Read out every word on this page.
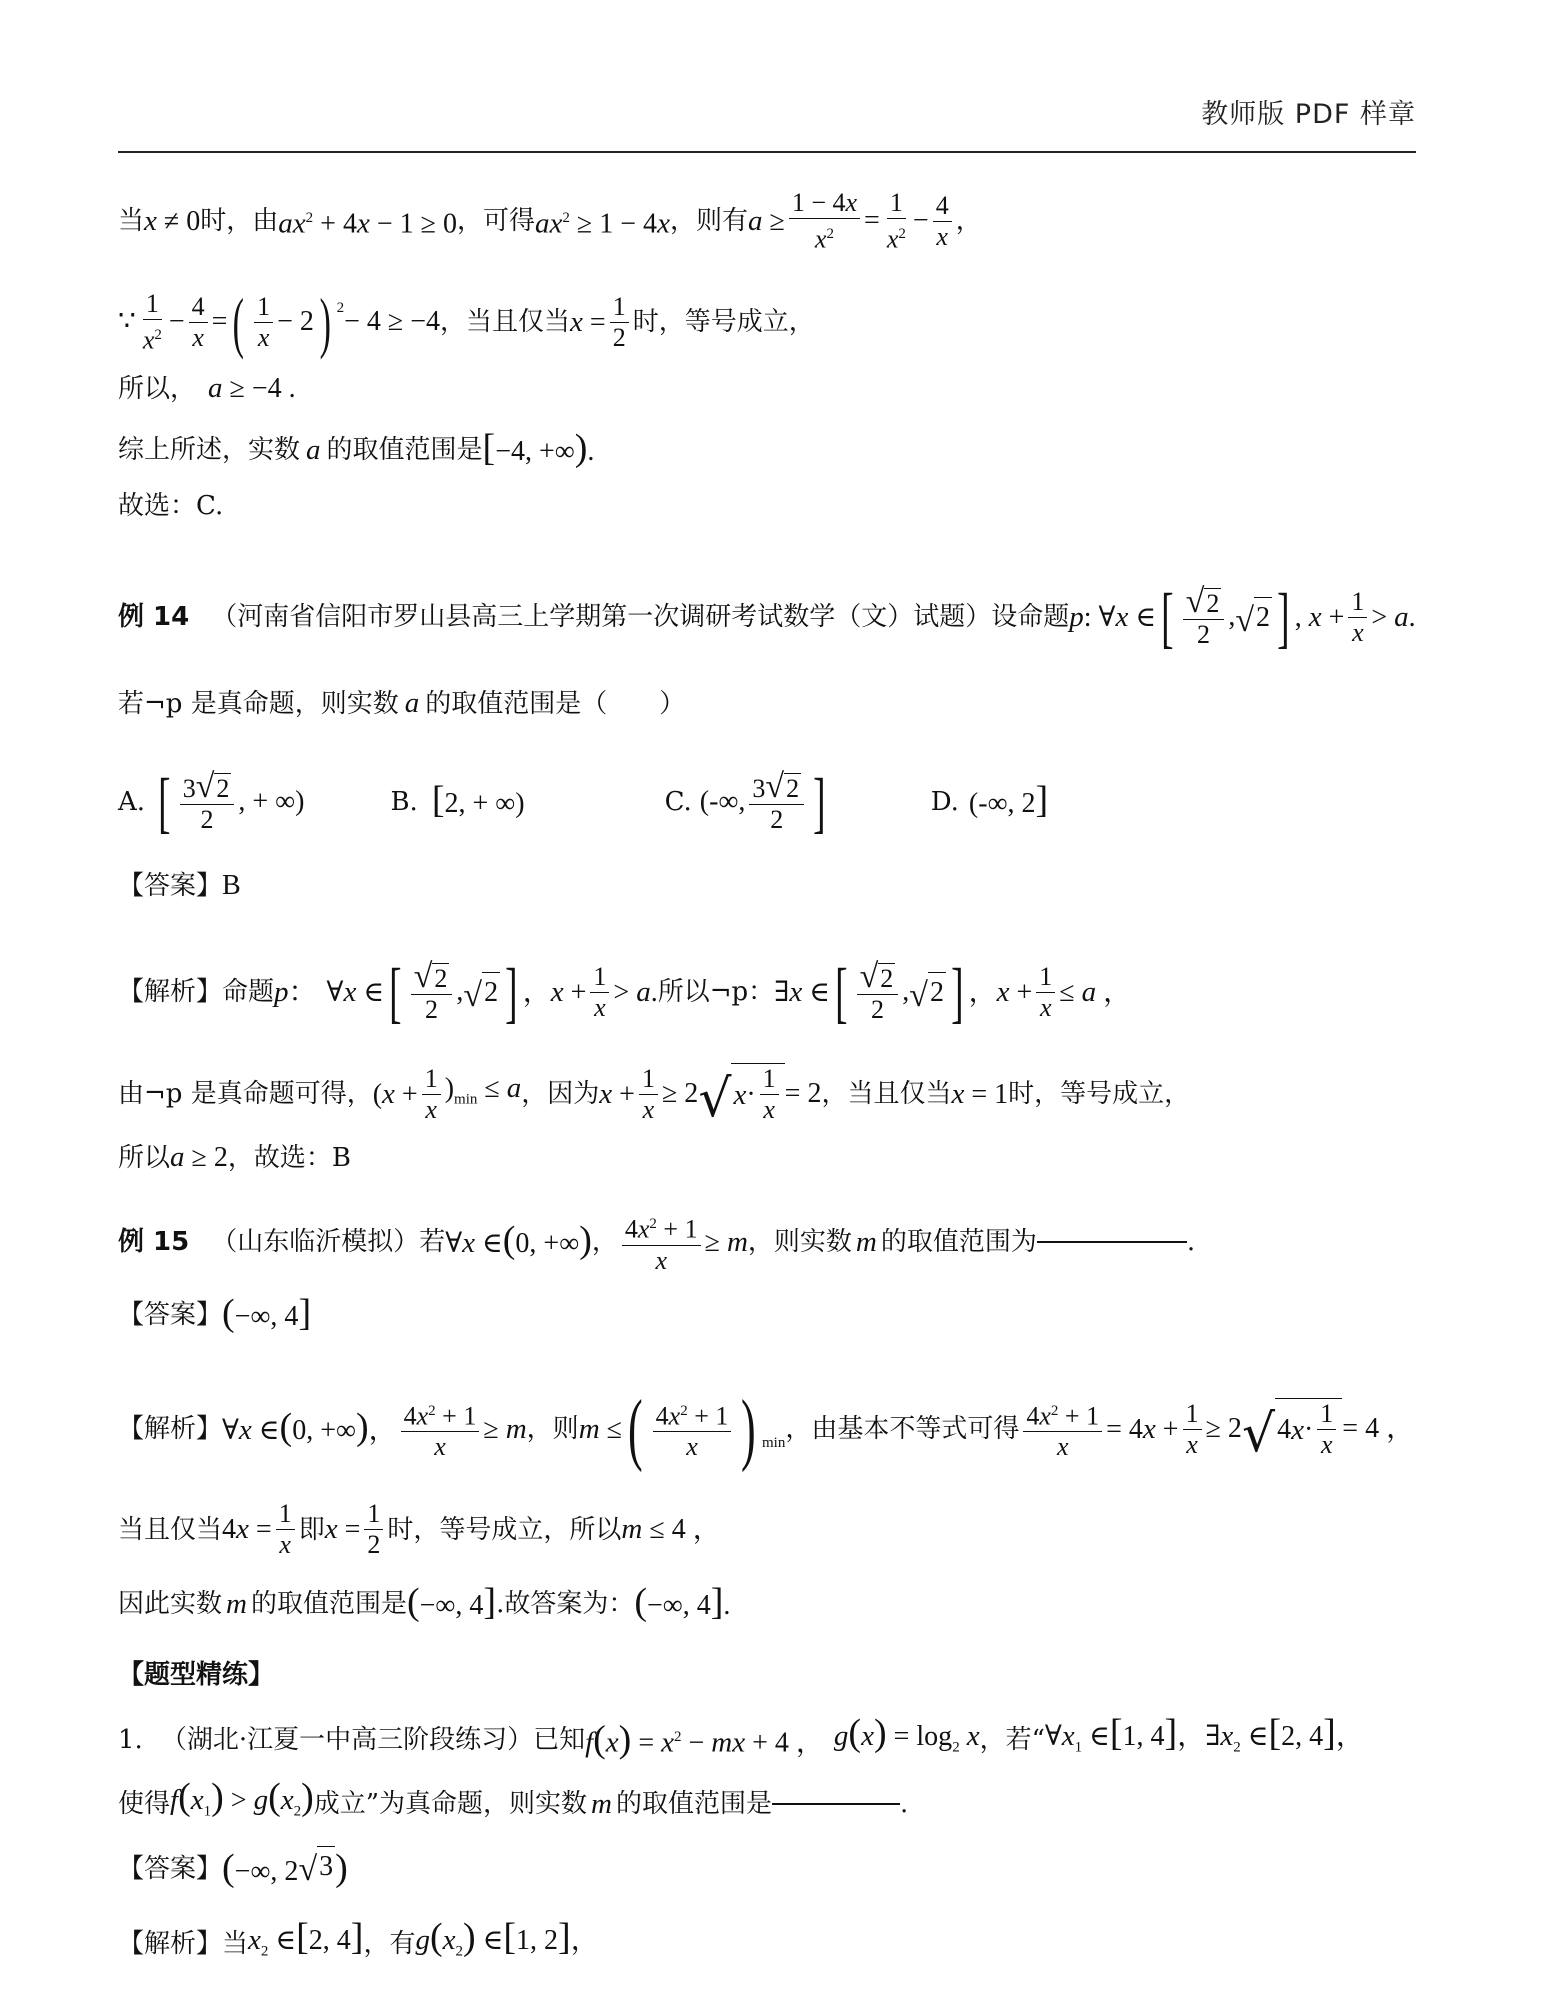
教师版 PDF 样章
当 x ≠ 0 时，由 $ax^2 + 4x - 1 \ge 0$ ，可得 $ax^2 \ge 1 - 4x$ ，则有 $a \ge \frac{1 - 4x}{x^2} = \frac{1}{x^2} - \frac{4}{x}$ ，
∵ $\frac{1}{x^2} - \frac{4}{x}$ = ( $\frac{1}{x} - 2$ ) 2 − 4 ≥ −4 ，当且仅当 $x = \frac{1}{2}$ 时，等号成立，
所以， a ≥ −4 .
综上所述，实数 a 的取值范围是 [−4, +∞).
故选：C.
例 14 （河南省信阳市罗山县高三上学期第一次调研考试数学（文）试题）设命题 p: ∀x ∈ [ $\frac{√ 2}{2}$ , √ 2 ] , $x + \frac{1}{x} > a$.
若¬p 是真命题，则实数 a 的取值范围是（　　）
A. [ $\frac{3 √ 2}{2}$ , + ∞)	B. [2, + ∞)	C. (-∞, $\frac{3 √ 2}{2}$ ]	D. (-∞, 2]
【答案】 B
【解析】 命题 p： ∀x ∈ [ $\frac{√ 2}{2}$ , √ 2 ] ，$x + \frac{1}{x} > a$. 所以¬p： ∃x ∈ [ $\frac{√ 2}{2}$ , √ 2 ] ，$x + \frac{1}{x} \le a$ ，
由¬p 是真命题可得， $(x + \frac{1}{x} )_{min} \le a$ ，因为 $x + \frac{1}{x} \ge 2$ √ $x \cdot \frac{1}{x} = 2$ ，当且仅当 x = 1 时，等号成立，
所以 a ≥ 2 ，故选：B
例 15 （山东临沂模拟）若 ∀x ∈(0, +∞) ， $\frac{4x^2 + 1}{x} \ge m$ ，则实数 m 的取值范围为	.
【答案】 (−∞, 4]
【解析】 ∀x ∈(0, +∞)， $\frac{4x^2 + 1}{x} \ge m$ ，则 m ≤ ( $\frac{4x^2 + 1}{x}$ ) min ，由基本不等式可得 $\frac{4x^2 + 1}{x} = 4x + \frac{1}{x} \ge 2$ √ 4 $x \cdot \frac{1}{x} = 4$ ，
当且仅当 $4x = \frac{1}{x}$ 即 $x = \frac{1}{2}$ 时，等号成立，所以 m ≤ 4 ，
因此实数 m 的取值范围是 (−∞, 4] .故答案为： (−∞, 4].
【题型精练】
1. （湖北·江夏一中高三阶段练习）已知 $f(x) = x^2$ − mx + 4 ， $g(x) = \log_2 x$ ，若“ $\forall x_1$ ∈[1, 4]，$\exists x_2$ ∈[2, 4]，
使得 $f(x_1) > g(x_2)$ 成立”为真命题，则实数 m 的取值范围是	.
【答案】 (−∞, 2 √ 3 )
【解析】 当 $x_2$ ∈[2, 4] ，有 $g(x_2)$ ∈[1, 2]，
